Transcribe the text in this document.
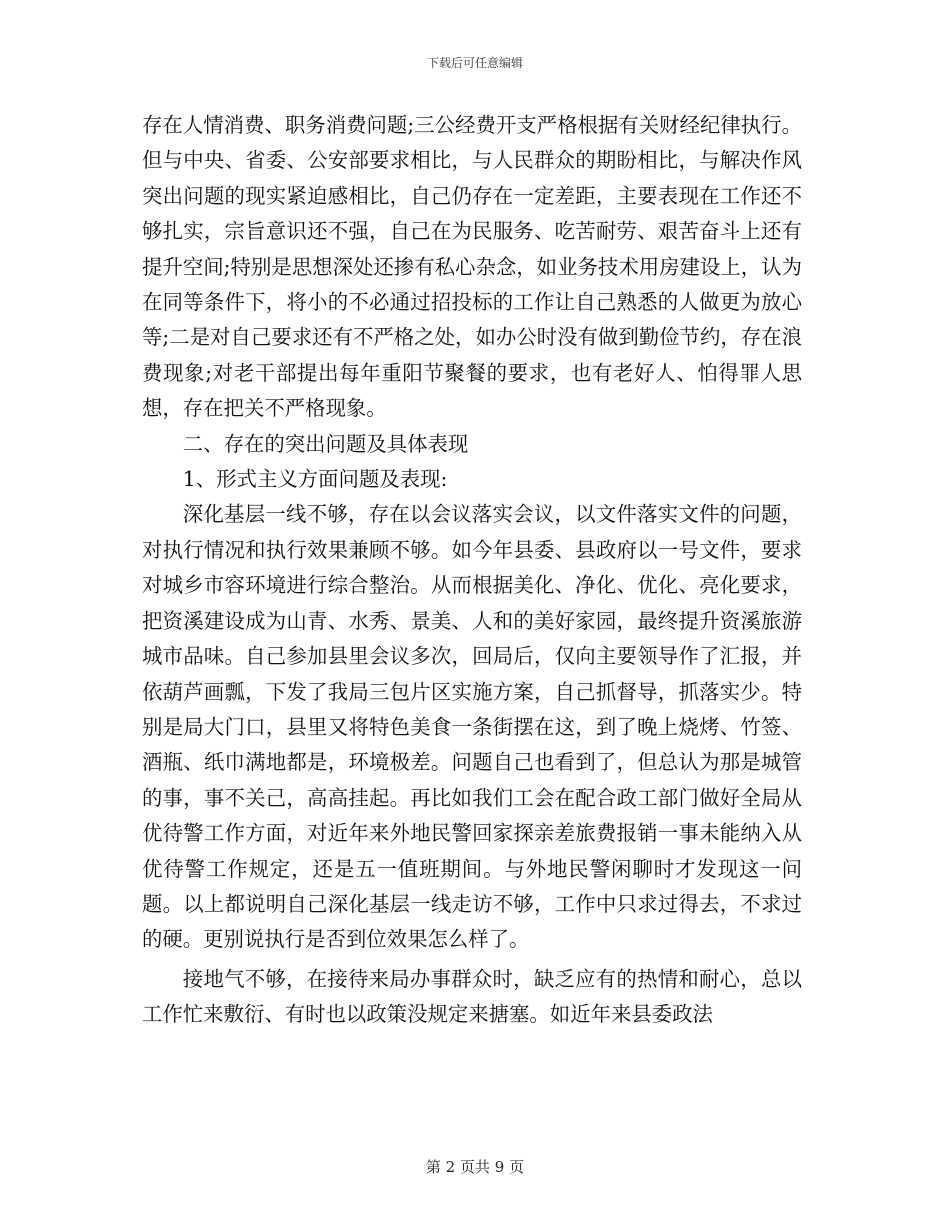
下载后可任意编辑

存在人情消费、职务消费问题;三公经费开支严格根据有关财经纪律执行。但与中央、省委、公安部要求相比，与人民群众的期盼相比，与解决作风突出问题的现实紧迫感相比，自己仍存在一定差距，主要表现在工作还不够扎实，宗旨意识还不强，自己在为民服务、吃苦耐劳、艰苦奋斗上还有提升空间;特别是思想深处还掺有私心杂念，如业务技术用房建设上，认为在同等条件下，将小的不必通过招投标的工作让自己熟悉的人做更为放心等;二是对自己要求还有不严格之处，如办公时没有做到勤俭节约，存在浪费现象;对老干部提出每年重阳节聚餐的要求，也有老好人、怕得罪人思想，存在把关不严格现象。

二、存在的突出问题及具体表现

1、形式主义方面问题及表现:

深化基层一线不够，存在以会议落实会议，以文件落实文件的问题，对执行情况和执行效果兼顾不够。如今年县委、县政府以一号文件，要求对城乡市容环境进行综合整治。从而根据美化、净化、优化、亮化要求，把资溪建设成为山青、水秀、景美、人和的美好家园，最终提升资溪旅游城市品味。自己参加县里会议多次，回局后，仅向主要领导作了汇报，并依葫芦画瓢，下发了我局三包片区实施方案，自己抓督导，抓落实少。特别是局大门口，县里又将特色美食一条街摆在这，到了晚上烧烤、竹签、酒瓶、纸巾满地都是，环境极差。问题自己也看到了，但总认为那是城管的事，事不关己，高高挂起。再比如我们工会在配合政工部门做好全局从优待警工作方面，对近年来外地民警回家探亲差旅费报销一事未能纳入从优待警工作规定，还是五一值班期间。与外地民警闲聊时才发现这一问题。以上都说明自己深化基层一线走访不够，工作中只求过得去，不求过的硬。更别说执行是否到位效果怎么样了。

接地气不够，在接待来局办事群众时，缺乏应有的热情和耐心，总以工作忙来敷衍、有时也以政策没规定来搪塞。如近年来县委政法

第 2 页共 9 页
